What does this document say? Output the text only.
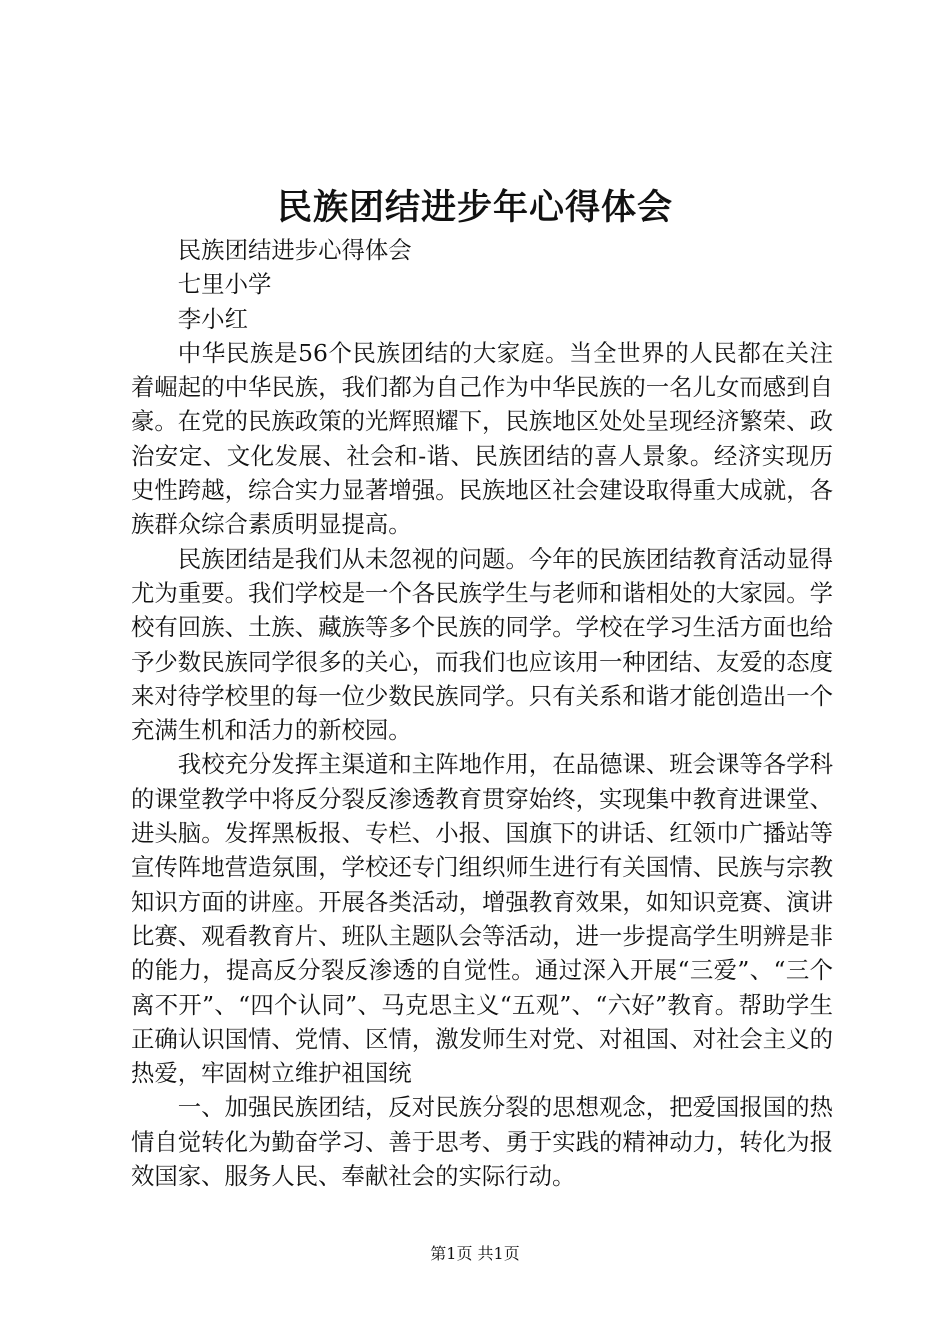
民族团结进步年心得体会

民族团结进步心得体会

七里小学

李小红

中华民族是56个民族团结的大家庭。当全世界的人民都在关注着崛起的中华民族，我们都为自己作为中华民族的一名儿女而感到自豪。在党的民族政策的光辉照耀下，民族地区处处呈现经济繁荣、政治安定、文化发展、社会和-谐、民族团结的喜人景象。经济实现历史性跨越，综合实力显著增强。民族地区社会建设取得重大成就，各族群众综合素质明显提高。

民族团结是我们从未忽视的问题。今年的民族团结教育活动显得尤为重要。我们学校是一个各民族学生与老师和谐相处的大家园。学校有回族、土族、藏族等多个民族的同学。学校在学习生活方面也给予少数民族同学很多的关心，而我们也应该用一种团结、友爱的态度来对待学校里的每一位少数民族同学。只有关系和谐才能创造出一个充满生机和活力的新校园。

我校充分发挥主渠道和主阵地作用，在品德课、班会课等各学科的课堂教学中将反分裂反渗透教育贯穿始终，实现集中教育进课堂、进头脑。发挥黑板报、专栏、小报、国旗下的讲话、红领巾广播站等宣传阵地营造氛围，学校还专门组织师生进行有关国情、民族与宗教知识方面的讲座。开展各类活动，增强教育效果，如知识竞赛、演讲比赛、观看教育片、班队主题队会等活动，进一步提高学生明辨是非的能力，提高反分裂反渗透的自觉性。通过深入开展“三爱”、“三个离不开”、“四个认同”、马克思主义“五观”、“六好”教育。帮助学生正确认识国情、党情、区情，激发师生对党、对祖国、对社会主义的热爱，牢固树立维护祖国统

一、加强民族团结，反对民族分裂的思想观念，把爱国报国的热情自觉转化为勤奋学习、善于思考、勇于实践的精神动力，转化为报效国家、服务人民、奉献社会的实际行动。

第1页 共1页
